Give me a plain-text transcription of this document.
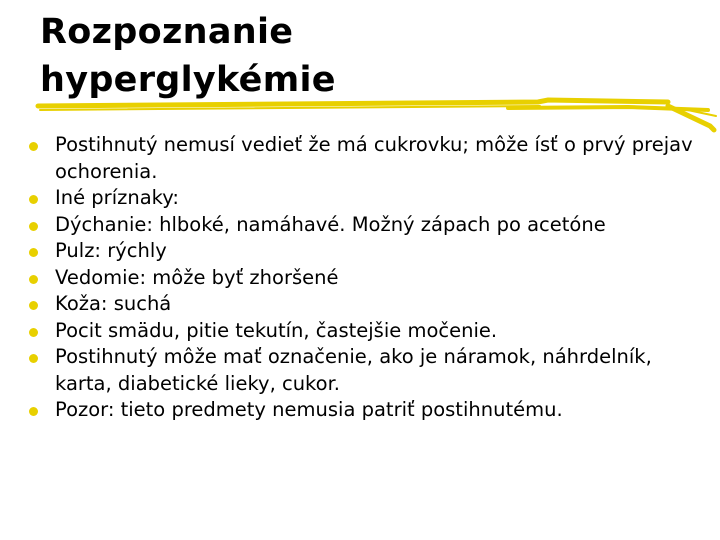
Rozpoznanie
hyperglykémie
Postihnutý nemusí vedieť že má cukrovku; môže ísť o prvý prejav ochorenia.
Iné príznaky:
Dýchanie: hlboké, namáhavé. Možný zápach po acetóne
Pulz: rýchly
Vedomie: môže byť zhoršené
Koža: suchá
Pocit smädu, pitie tekutín, častejšie močenie.
Postihnutý môže mať označenie, ako je náramok, náhrdelník, karta, diabetické lieky, cukor.
Pozor: tieto predmety nemusia patriť postihnutému.
